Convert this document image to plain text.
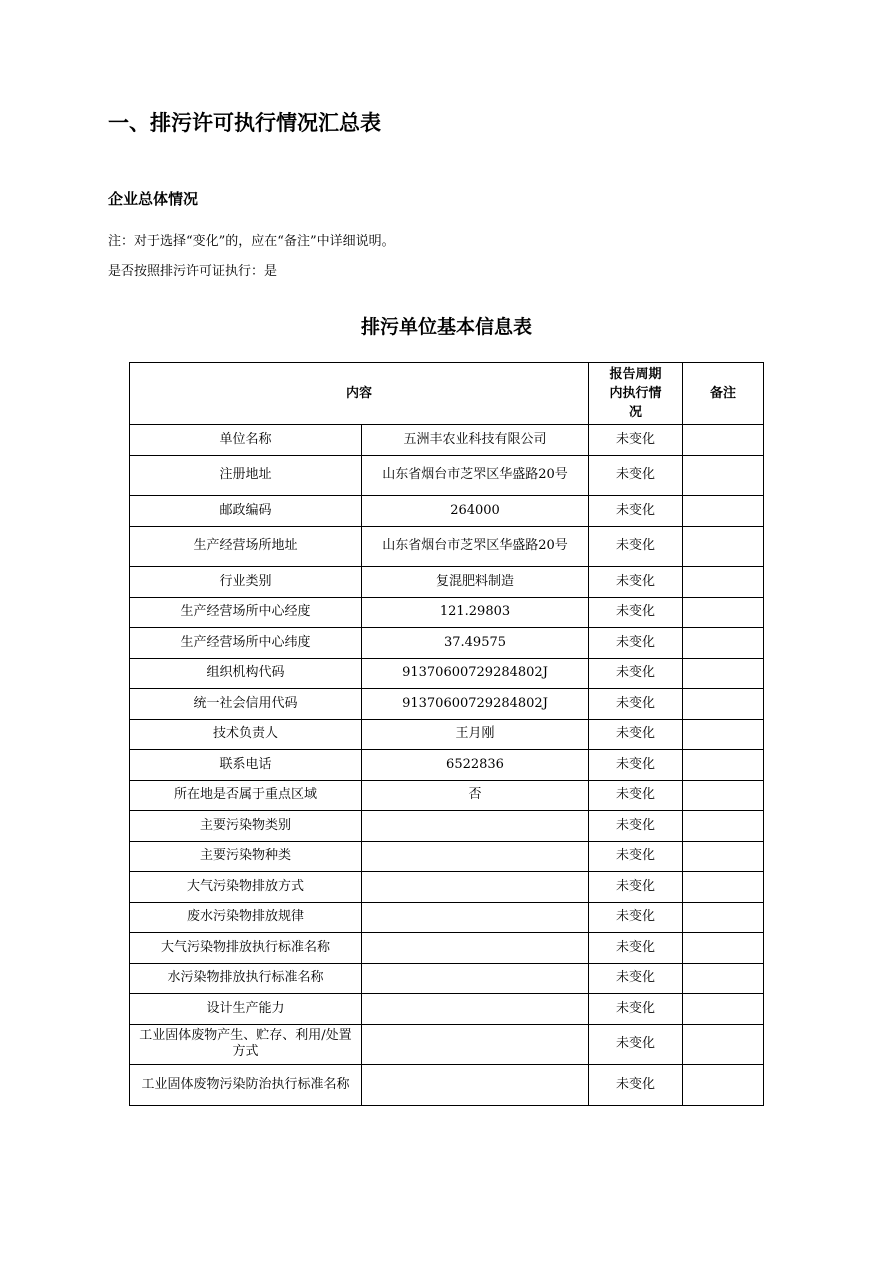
一、排污许可执行情况汇总表
企业总体情况
注：对于选择“变化”的，应在“备注”中详细说明。
是否按照排污许可证执行：是
排污单位基本信息表
内容		报告周期内执行情况	备注
单位名称	五洲丰农业科技有限公司	未变化	
注册地址	山东省烟台市芝罘区华盛路20号	未变化	
邮政编码	264000	未变化	
生产经营场所地址	山东省烟台市芝罘区华盛路20号	未变化	
行业类别	复混肥料制造	未变化	
生产经营场所中心经度	121.29803	未变化	
生产经营场所中心纬度	37.49575	未变化	
组织机构代码	91370600729284802J	未变化	
统一社会信用代码	91370600729284802J	未变化	
技术负责人	王月刚	未变化	
联系电话	6522836	未变化	
所在地是否属于重点区域	否	未变化	
主要污染物类别		未变化	
主要污染物种类		未变化	
大气污染物排放方式		未变化	
废水污染物排放规律		未变化	
大气污染物排放执行标准名称		未变化	
水污染物排放执行标准名称		未变化	
设计生产能力		未变化	
工业固体废物产生、贮存、利用/处置方式		未变化	
工业固体废物污染防治执行标准名称		未变化	
